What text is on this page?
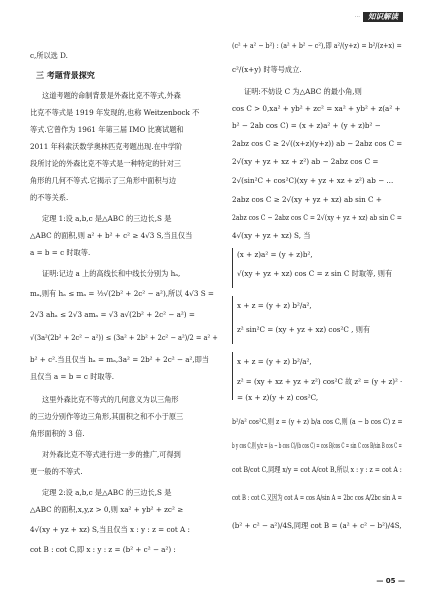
...	知识解读
c,所以选 D.
三 考题背景探究
这道考题的命制背景是外森比克不等式,外森
比克不等式是 1919 年发现的,也称 Weitzenbock 不
等式.它曾作为 1961 年第三届 IMO 比赛试题和
2011 年科索沃数学奥林匹克考题出现.在中学阶
段所讨论的外森比克不等式是一种特定的针对三
角形的几何不等式.它揭示了三角形中面积与边
的不等关系.
定理 1:设 a,b,c 是△ABC 的三边长,S 是
△ABC 的面积,则 a² + b² + c² ≥ 4√3 S,当且仅当
a = b = c 时取等.
证明:记边 a 上的高线长和中线长分别为 hₐ,
mₐ,则有 hₐ ≤ mₐ = ½√(2b² + 2c² − a²),所以 4√3 S =
2√3 ahₐ ≤ 2√3 amₐ = √3 a√(2b² + 2c² − a²) =
√(3a²(2b² + 2c² − a²)) ≤ (3a² + 2b² + 2c² − a²)/2 = a² +
b² + c².当且仅当 hₐ = mₐ,3a² = 2b² + 2c² − a²,即当
且仅当 a = b = c 时取等.
这里外森比克不等式的几何意义为以三角形
的三边分别作等边三角形,其面积之和不小于原三
角形面积的 3 倍.
对外森比克不等式进行进一步的推广,可得到
更一般的不等式.
定理 2:设 a,b,c 是△ABC 的三边长,S 是
△ABC 的面积,x,y,z > 0,则 xa² + yb² + zc² ≥
4√(xy + yz + xz) S,当且仅当 x : y : z = cot A :
cot B : cot C,即 x : y : z = (b² + c² − a²) :
(c² + a² − b²) : (a² + b² − c²),即 a²/(y+z) = b²/(z+x) =
c²/(x+y) 时等号成立.
证明:不妨设 C 为△ABC 的最小角,则
cos C > 0,xa² + yb² + zc² = xa² + yb² + z(a² +
b² − 2ab cos C) = (x + z)a² + (y + z)b² −
2abz cos C ≥ 2√((x+z)(y+z)) ab − 2abz cos C =
2√(xy + yz + xz + z²) ab − 2abz cos C =
2√(sin²C + cos²C)(xy + yz + xz + z²) ab − ...
2abz cos C ≥ 2√(xy + yz + xz) ab sin C +
2abz cos C − 2abz cos C = 2√(xy + yz + xz) ab sin C =
4√(xy + yz + xz) S, 当
(x + z)a² = (y + z)b²,
√(xy + yz + xz) cos C = z sin C 时取等, 则有
x + z = (y + z) b²/a²,
z² sin²C = (xy + yz + xz) cos²C , 则有
x + z = (y + z) b²/a²,
z² = (xy + xz + yz + z²) cos²C 故 z² = (y + z)² ·
= (x + z)(y + z) cos²C,
b²/a² cos²C,则 z = (y + z) b/a cos C,则 (a − b cos C) z =
b y cos C,则 y/z = (a − b cos C)/(b cos C) = cos B/cos C = sin C cos B/sin B cos C =
cot B/cot C,同理 x/y = cot A/cot B,所以 x : y : z = cot A :
cot B : cot C.又因为 cot A = cos A/sin A = 2bc cos A/2bc sin A =
(b² + c² − a²)/4S,同理 cot B = (a² + c² − b²)/4S,
— 05 —
